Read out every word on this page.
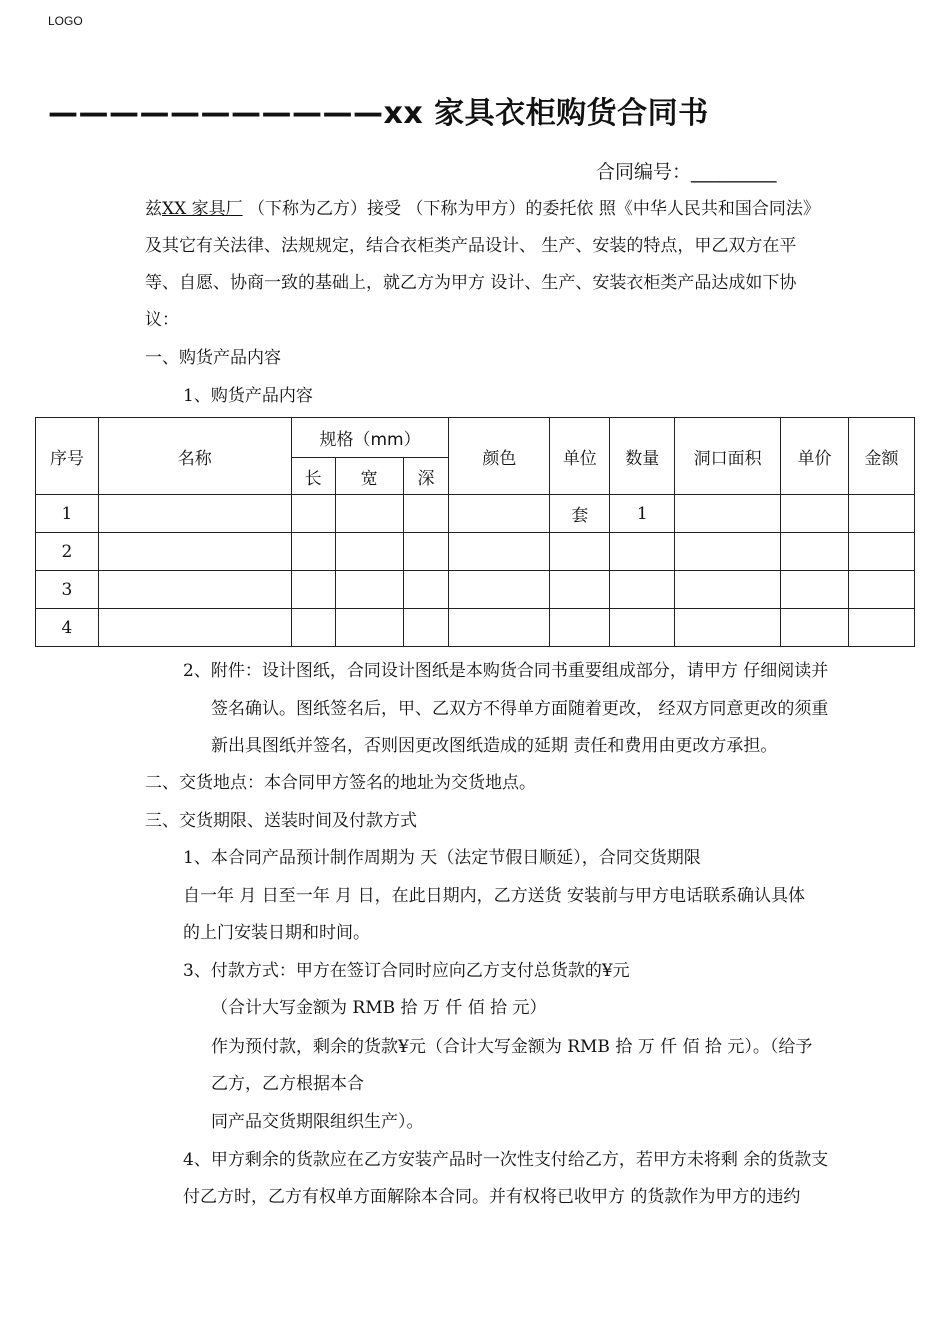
LOGO
———————————xx 家具衣柜购货合同书
合同编号：_________
兹XX 家具厂 （下称为乙方）接受 （下称为甲方）的委托依 照《中华人民共和国合同法》
及其它有关法律、法规规定，结合衣柜类产品设计、 生产、安装的特点，甲乙双方在平
等、自愿、协商一致的基础上，就乙方为甲方 设计、生产、安装衣柜类产品达成如下协
议：
一、购货产品内容
1、购货产品内容
序号	名称	规格（mm）			颜色	单位	数量	洞口面积	单价	金额
		长	宽	深						
1						套	1			
2										
3										
4										
2、附件：设计图纸，合同设计图纸是本购货合同书重要组成部分，请甲方 仔细阅读并
签名确认。图纸签名后，甲、乙双方不得单方面随着更改， 经双方同意更改的须重
新出具图纸并签名，否则因更改图纸造成的延期 责任和费用由更改方承担。
二、交货地点：本合同甲方签名的地址为交货地点。
三、交货期限、送装时间及付款方式
1、本合同产品预计制作周期为 天（法定节假日顺延），合同交货期限
自一年 月 日至一年 月 日，在此日期内，乙方送货 安装前与甲方电话联系确认具体
的上门安装日期和时间。
3、付款方式：甲方在签订合同时应向乙方支付总货款的¥元
（合计大写金额为 RMB 拾 万 仟 佰 拾 元）
作为预付款，剩余的货款¥元（合计大写金额为 RMB 拾 万 仟 佰 拾 元）。（给予
乙方，乙方根据本合
同产品交货期限组织生产）。
4、甲方剩余的货款应在乙方安装产品时一次性支付给乙方，若甲方未将剩 余的货款支
付乙方时，乙方有权单方面解除本合同。并有权将已收甲方 的货款作为甲方的违约
